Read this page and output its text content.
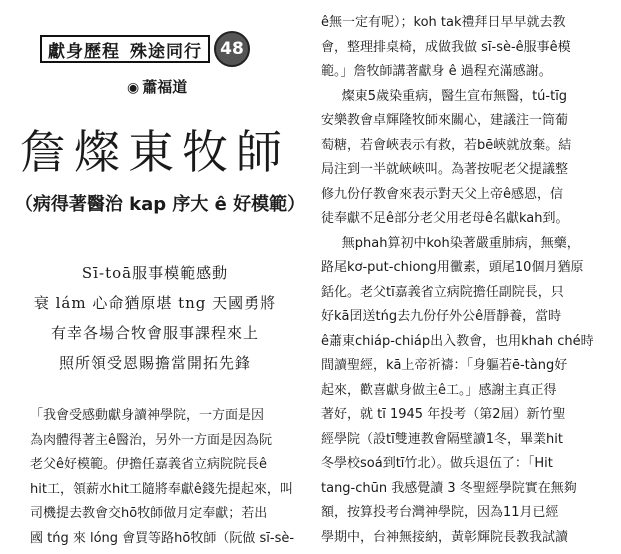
獻身歷程 殊途同行	48
◉ 蕭福道
詹燦東牧師
（病得著醫治 kap 序大 ê 好模範）
Sī-toā服事模範感動
衰 lám 心命猶原堪 tng 天國勇將
有幸各場合牧會服事課程來上
照所領受恩賜擔當開拓先鋒
「我會受感動獻身讀神學院，一方面是因
為肉體得著主ê醫治，另外一方面是因為阮
老父ê好模範。伊擔任嘉義省立病院院長ê
hit工，領薪水hit工隨將奉獻ê錢先提起來，叫
司機提去教會交hō牧師做月定奉獻；若出
國 tńg 來 lóng 會買等路hō牧師（阮做 sī-sè-
ê無一定有呢）；koh tak禮拜日早早就去教
會，整理排桌椅，成做我做 sī-sè-ê服事ê模
範。」詹牧師講著獻身 ê 過程充滿感謝。
燦東5歲染重病，醫生宣布無醫，tú-tīg
安樂教會卓輝隆牧師來關心，建議注一筒葡
萄糖，若會峽表示有救，若bē峽就放棄。結
局注到一半就峽峽叫。為著按呢老父提議整
修九份仔教會來表示對天父上帝ê感恩，信
徒奉獻不足ê部分老父用老母ê名獻kah到。
無phah算初中koh染著嚴重肺病，無藥，
路尾kơ-put-chiong用黴素，頭尾10個月猶原
銛化。老父tī嘉義省立病院擔任副院長，只
好kā囝送tńg去九份仔外公ê厝靜養，當時
ê蕭東chiáp-chiáp出入教會，也用khah ché時
間讀聖經，kā上帝祈禱：「身軀若ē-tàng好
起來，歡喜獻身做主ê工。」感謝主真正得
著好，就 tī 1945 年投考（第2屆）新竹聖
經學院（設tī雙連教會隔壁讀1冬，畢業hit
冬學校soá到tī竹北）。做兵退伍了：「Hit
tang-chūn 我感覺讀 3 冬聖經學院實在無夠
額，按算投考台灣神學院，因為11月已經
學期中，台神無接納，黃彰輝院長教我試讀
